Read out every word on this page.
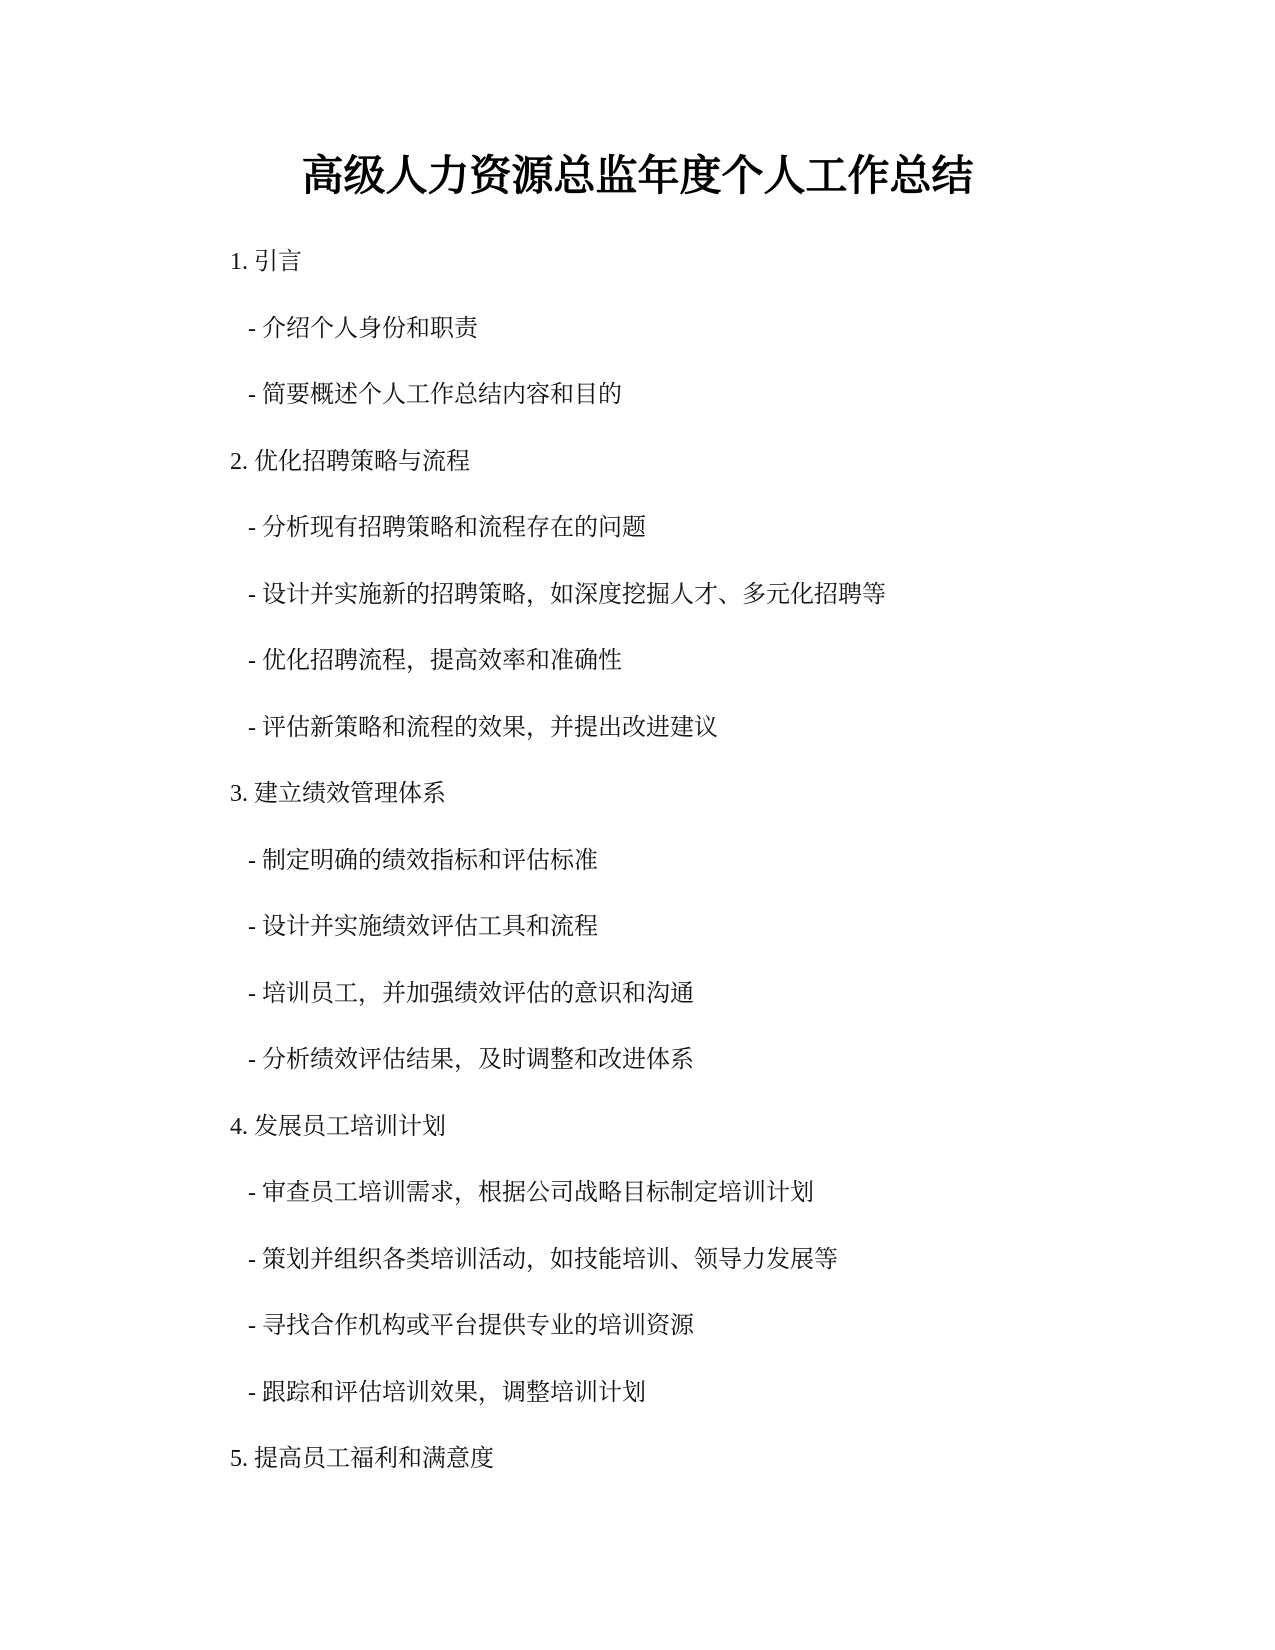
高级人力资源总监年度个人工作总结
1. 引言
- 介绍个人身份和职责
- 简要概述个人工作总结内容和目的
2. 优化招聘策略与流程
- 分析现有招聘策略和流程存在的问题
- 设计并实施新的招聘策略，如深度挖掘人才、多元化招聘等
- 优化招聘流程，提高效率和准确性
- 评估新策略和流程的效果，并提出改进建议
3. 建立绩效管理体系
- 制定明确的绩效指标和评估标准
- 设计并实施绩效评估工具和流程
- 培训员工，并加强绩效评估的意识和沟通
- 分析绩效评估结果，及时调整和改进体系
4. 发展员工培训计划
- 审查员工培训需求，根据公司战略目标制定培训计划
- 策划并组织各类培训活动，如技能培训、领导力发展等
- 寻找合作机构或平台提供专业的培训资源
- 跟踪和评估培训效果，调整培训计划
5. 提高员工福利和满意度
